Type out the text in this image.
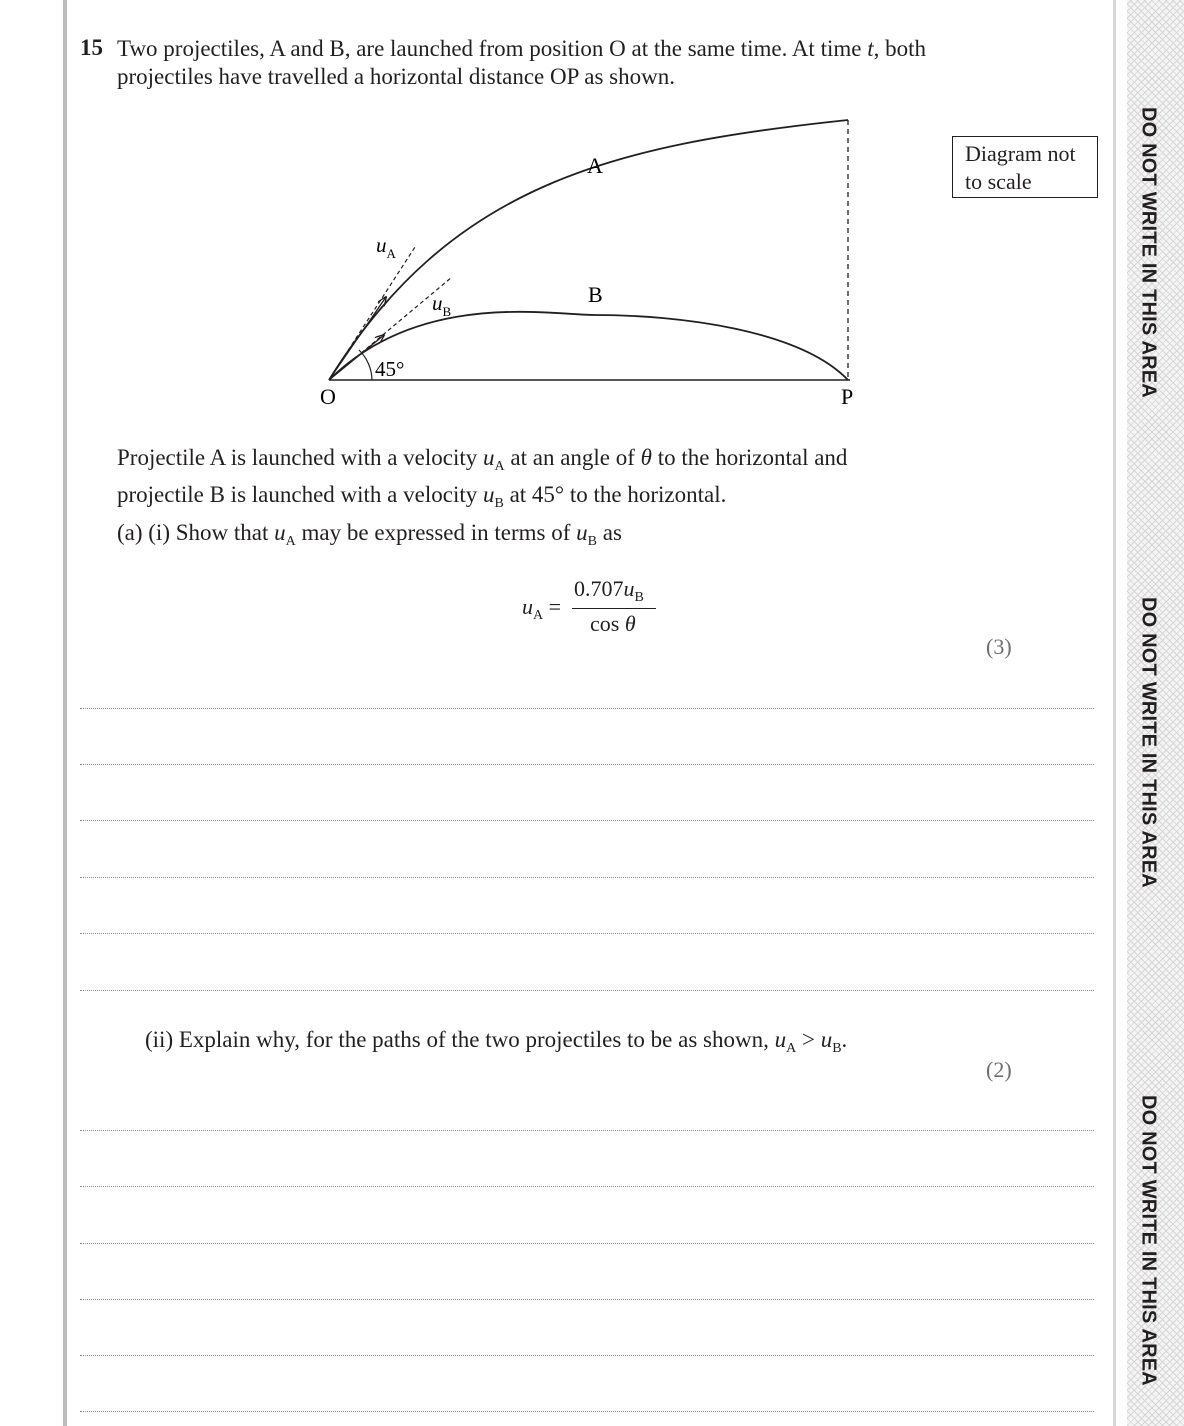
DO NOT WRITE IN THIS AREA
DO NOT WRITE IN THIS AREA
DO NOT WRITE IN THIS AREA
15 Two projectiles, A and B, are launched from position O at the same time. At time t, both
projectiles have travelled a horizontal distance OP as shown.
45°
A
B
O	P
$u_A$
$u_B$
Diagram not
to scale
Projectile A is launched with a velocity $u_A$ at an angle of θ to the horizontal and
projectile B is launched with a velocity $u_B$ at 45° to the horizontal.
(a) (i) Show that $u_A$ may be expressed in terms of $u_B$ as
$u_A$ =
$0.707u_B$
cos θ
(3)
(ii) Explain why, for the paths of the two projectiles to be as shown, $u_A > u_B$.
(2)
